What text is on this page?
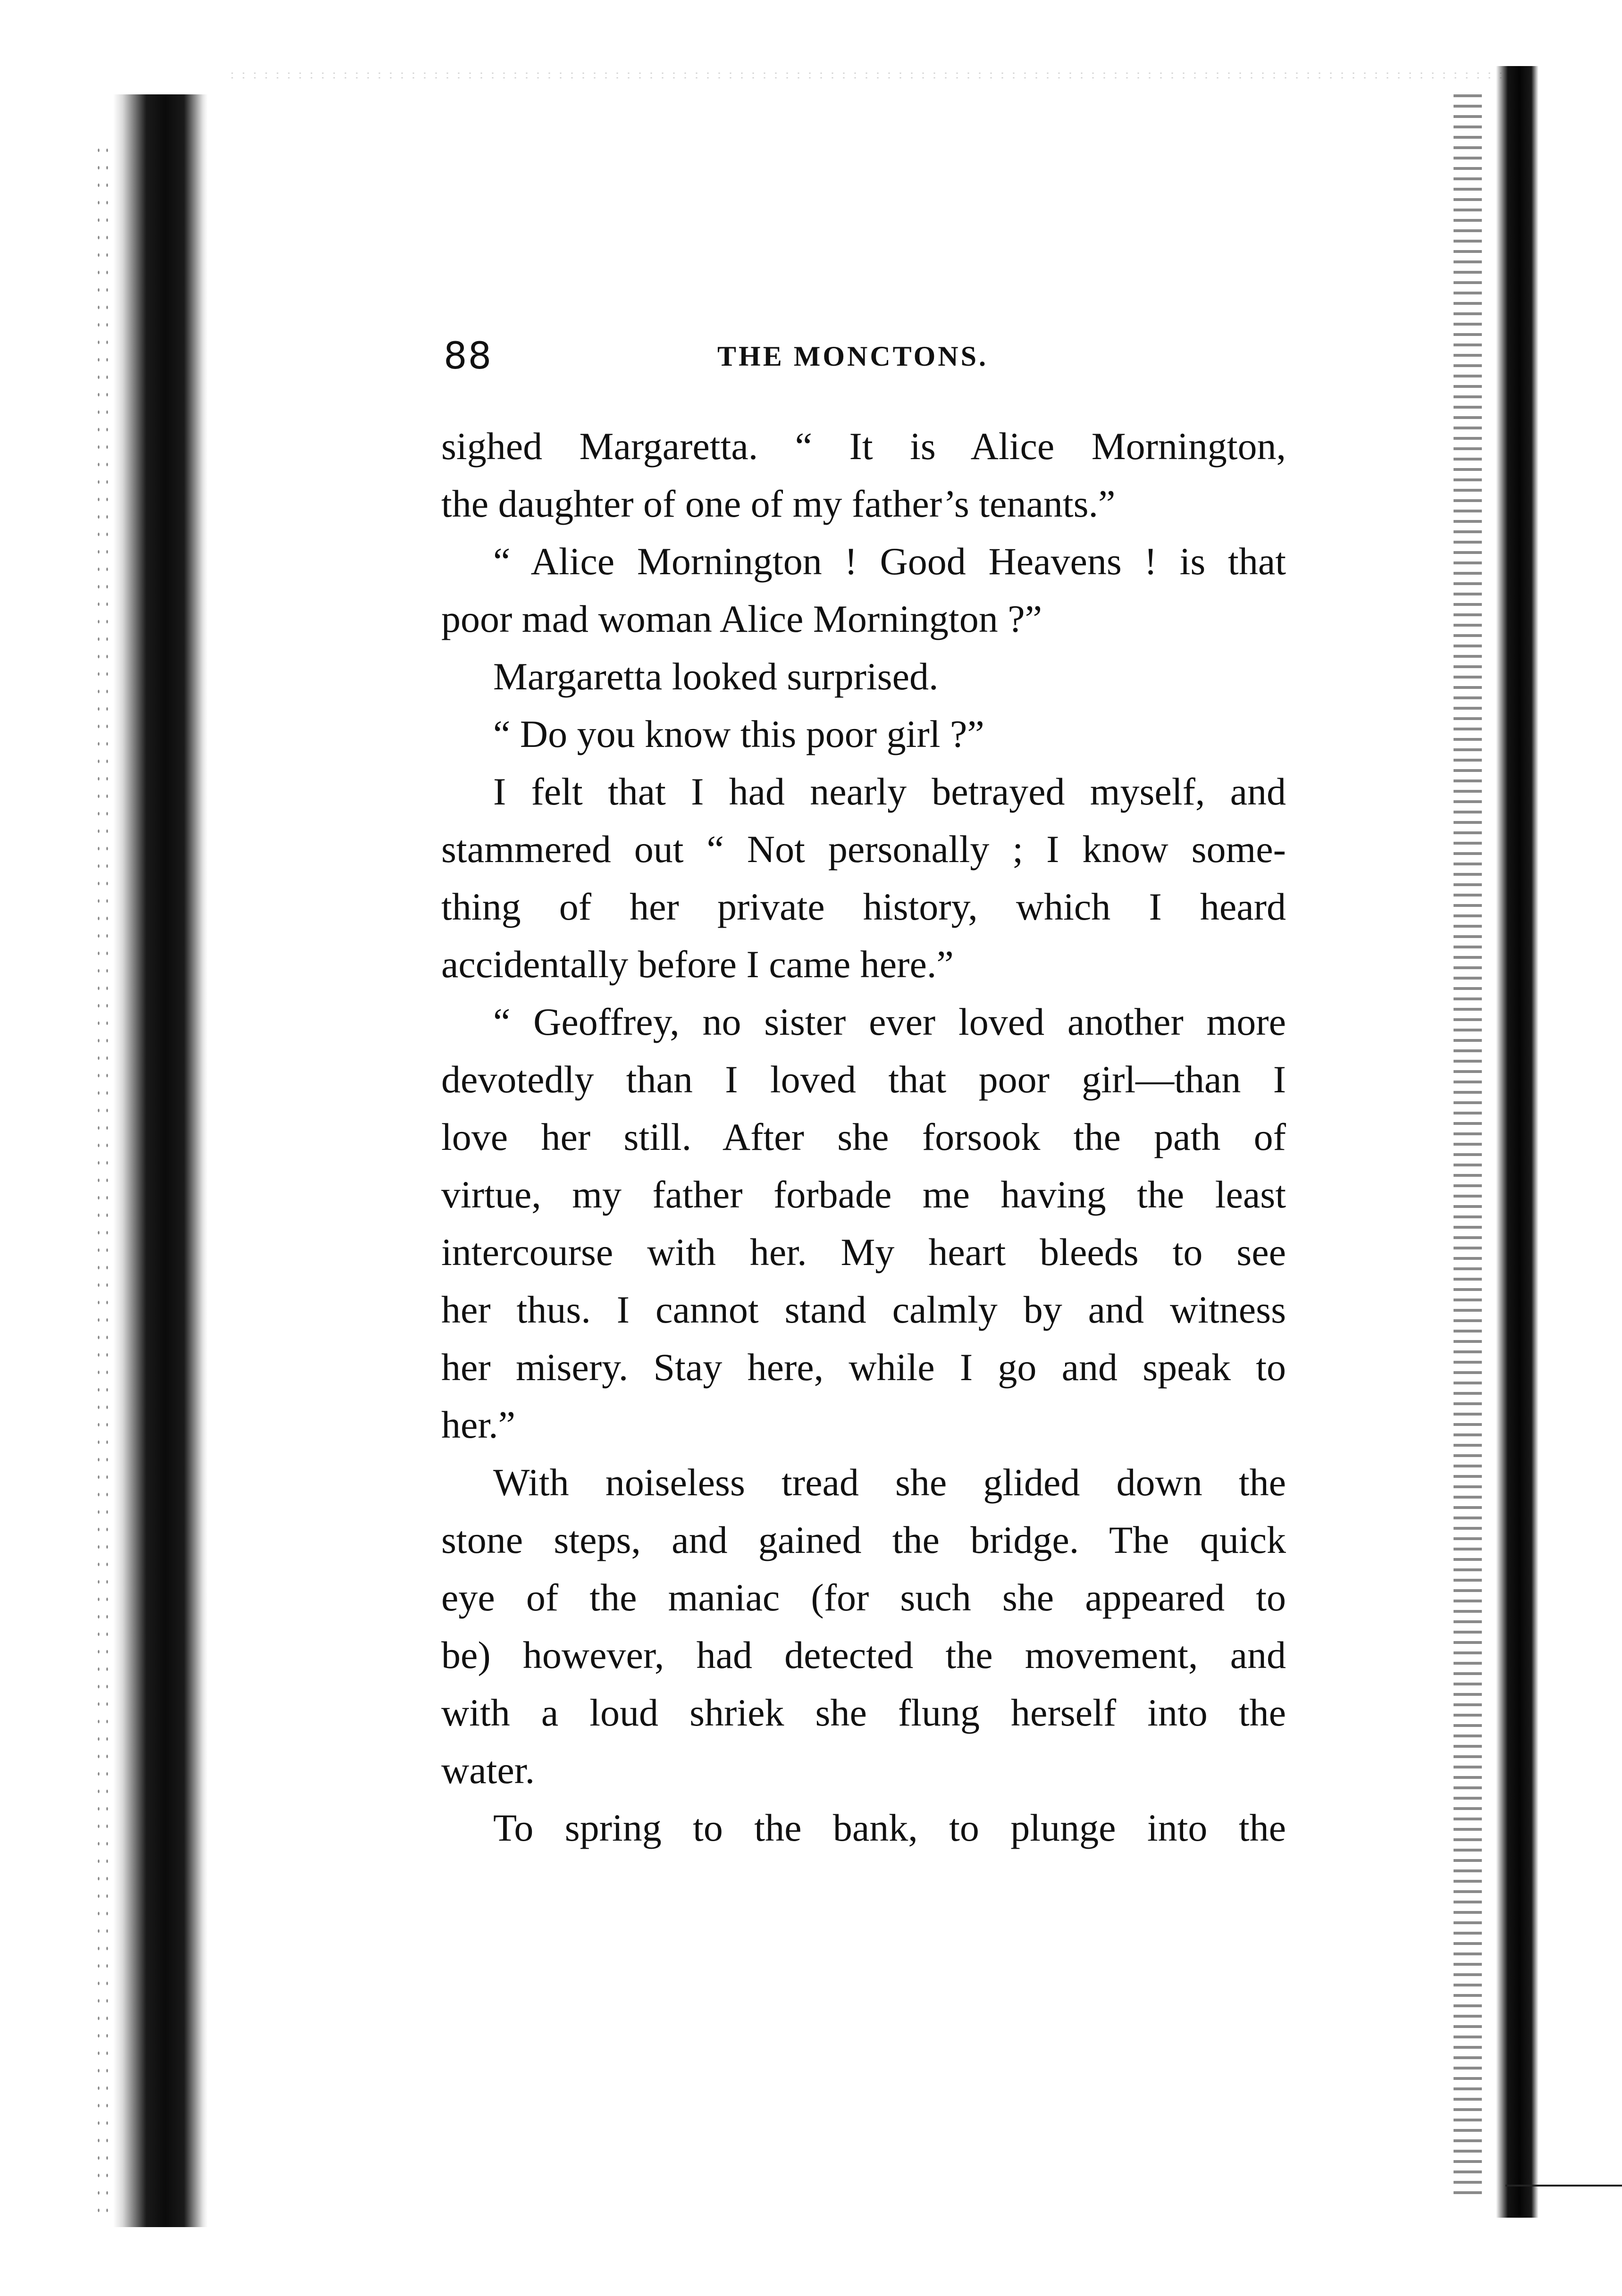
88	THE MONCTONS.
sighed Margaretta. “ It is Alice Mornington,
the daughter of one of my father’s tenants.”
“ Alice Mornington ! Good Heavens ! is that
poor mad woman Alice Mornington ?”
Margaretta looked surprised.
“ Do you know this poor girl ?”
I felt that I had nearly betrayed myself, and
stammered out “ Not personally ; I know some-
thing of her private history, which I heard
accidentally before I came here.”
“ Geoffrey, no sister ever loved another more
devotedly than I loved that poor girl—than I
love her still. After she forsook the path of
virtue, my father forbade me having the least
intercourse with her. My heart bleeds to see
her thus. I cannot stand calmly by and witness
her misery. Stay here, while I go and speak to
her.”
With noiseless tread she glided down the
stone steps, and gained the bridge. The quick
eye of the maniac (for such she appeared to
be) however, had detected the movement, and
with a loud shriek she flung herself into the
water.
To spring to the bank, to plunge into the
